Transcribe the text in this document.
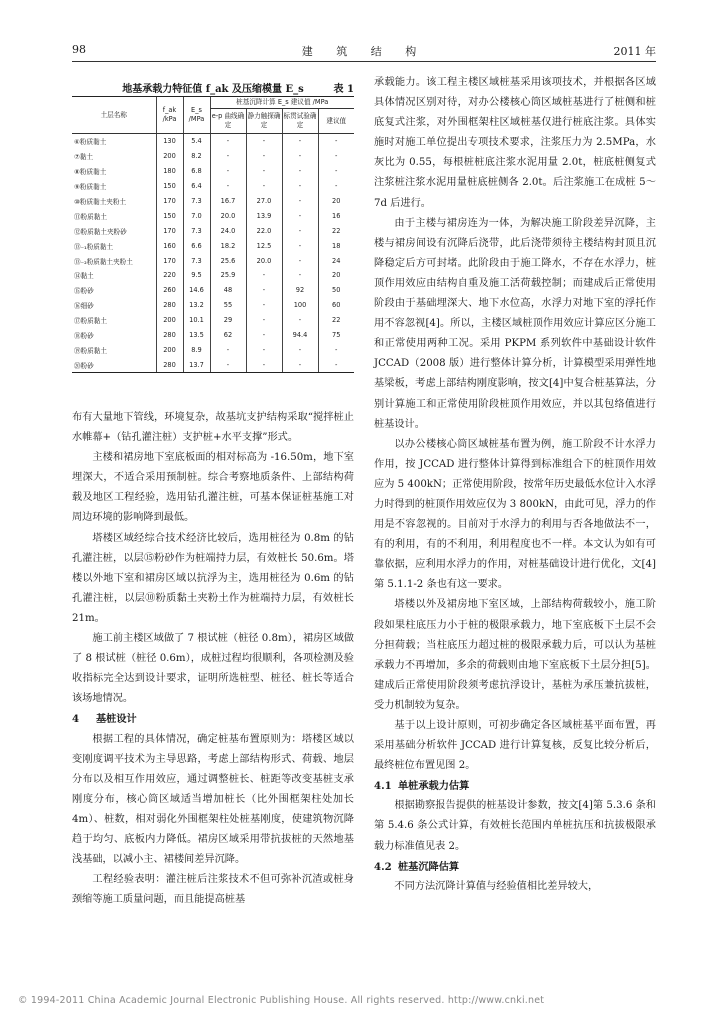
98	建 筑 结 构	2011 年
地基承载力特征值 f_ak 及压缩模量 E_s	表 1
土层名称	f_ak /kPa	E_s /MPa	桩基沉降计算 E_s 建议值 /MPa			
			e-p 曲线确定	静力触探确定	标贯试验确定	建议值
⑥粉质黏土	130	5.4	-	-	-	-
⑦黏土	200	8.2	-	-	-	-
⑧粉质黏土	180	6.8	-	-	-	-
⑨粉质黏土	150	6.4	-	-	-	-
⑩粉质黏土夹粉土	170	7.3	16.7	27.0	-	20
⑪粉质黏土	150	7.0	20.0	13.9	-	16
⑫粉质黏土夹粉砂	170	7.3	24.0	22.0	-	22
⑬₋₁粉质黏土	160	6.6	18.2	12.5	-	18
⑬₋₂粉质黏土夹粉土	170	7.3	25.6	20.0	-	24
⑭黏土	220	9.5	25.9	-	-	20
⑮粉砂	260	14.6	48	-	92	50
⑯细砂	280	13.2	55	-	100	60
⑰粉质黏土	200	10.1	29	-	-	22
⑱粉砂	280	13.5	62	-	94.4	75
⑲粉质黏土	200	8.9	-	-	-	-
⑳粉砂	280	13.7	-	-	-	-

布有大量地下管线，环境复杂，故基坑支护结构采取“搅拌桩止水帷幕+（钻孔灌注桩）支护桩+水平支撑”形式。

主楼和裙房地下室底板面的相对标高为 -16.50m，地下室埋深大，不适合采用预制桩。综合考察地质条件、上部结构荷载及地区工程经验，选用钻孔灌注桩，可基本保证桩基施工对周边环境的影响降到最低。

塔楼区域经综合技术经济比较后，选用桩径为 0.8m 的钻孔灌注桩，以层⑮粉砂作为桩端持力层，有效桩长 50.6m。塔楼以外地下室和裙房区域以抗浮为主，选用桩径为 0.6m 的钻孔灌注桩，以层⑩粉质黏土夹粉土作为桩端持力层，有效桩长 21m。

施工前主楼区域做了 7 根试桩（桩径 0.8m），裙房区域做了 8 根试桩（桩径 0.6m），成桩过程均很顺利，各项检测及验收指标完全达到设计要求，证明所选桩型、桩径、桩长等适合该场地情况。

4 基桩设计

根据工程的具体情况，确定桩基布置原则为：塔楼区域以变刚度调平技术为主导思路，考虑上部结构形式、荷载、地层分布以及相互作用效应，通过调整桩长、桩距等改变基桩支承刚度分布，核心筒区域适当增加桩长（比外围框架柱处加长 4m）、桩数，相对弱化外围框架柱处桩基刚度，使建筑物沉降趋于均匀、底板内力降低。裙房区域采用带抗拔桩的天然地基浅基础，以减小主、裙楼间差异沉降。

工程经验表明：灌注桩后注浆技术不但可弥补沉渣或桩身颈缩等施工质量问题，而且能提高桩基

承载能力。该工程主楼区域桩基采用该项技术，并根据各区域具体情况区别对待，对办公楼核心筒区域桩基进行了桩侧和桩底复式注浆，对外围框架柱区域桩基仅进行桩底注浆。具体实施时对施工单位提出专项技术要求，注浆压力为 2.5MPa，水灰比为 0.55，每根桩桩底注浆水泥用量 2.0t，桩底桩侧复式注浆桩注浆水泥用量桩底桩侧各 2.0t。后注浆施工在成桩 5～7d 后进行。

由于主楼与裙房连为一体，为解决施工阶段差异沉降，主楼与裙房间设有沉降后浇带，此后浇带须待主楼结构封顶且沉降稳定后方可封堵。此阶段由于施工降水，不存在水浮力，桩顶作用效应由结构自重及施工活荷载控制；而建成后正常使用阶段由于基础埋深大、地下水位高，水浮力对地下室的浮托作用不容忽视[4]。所以，主楼区域桩顶作用效应计算应区分施工和正常使用两种工况。采用 PKPM 系列软件中基础设计软件 JCCAD（2008 版）进行整体计算分析，计算模型采用弹性地基梁板，考虑上部结构刚度影响，按文[4]中复合桩基算法，分别计算施工和正常使用阶段桩顶作用效应，并以其包络值进行桩基设计。

以办公楼核心筒区域桩基布置为例，施工阶段不计水浮力作用，按 JCCAD 进行整体计算得到标准组合下的桩顶作用效应为 5 400kN；正常使用阶段，按常年历史最低水位计入水浮力时得到的桩顶作用效应仅为 3 800kN，由此可见，浮力的作用是不容忽视的。目前对于水浮力的利用与否各地做法不一，有的利用，有的不利用，利用程度也不一样。本文认为如有可靠依据，应利用水浮力的作用，对桩基础设计进行优化，文[4]第 5.1.1-2 条也有这一要求。

塔楼以外及裙房地下室区域，上部结构荷载较小，施工阶段如果柱底压力小于桩的极限承载力，地下室底板下土层不会分担荷载；当柱底压力超过桩的极限承载力后，可以认为基桩承载力不再增加，多余的荷载则由地下室底板下土层分担[5]。建成后正常使用阶段须考虑抗浮设计，基桩为承压兼抗拔桩，受力机制较为复杂。

基于以上设计原则，可初步确定各区域桩基平面布置，再采用基础分析软件 JCCAD 进行计算复核，反复比较分析后，最终桩位布置见图 2。

4.1 单桩承载力估算

根据勘察报告提供的桩基设计参数，按文[4]第 5.3.6 条和第 5.4.6 条公式计算，有效桩长范围内单桩抗压和抗拔极限承载力标准值见表 2。

4.2 桩基沉降估算

不同方法沉降计算值与经验值相比差异较大，

© 1994-2011 China Academic Journal Electronic Publishing House. All rights reserved. http://www.cnki.net
